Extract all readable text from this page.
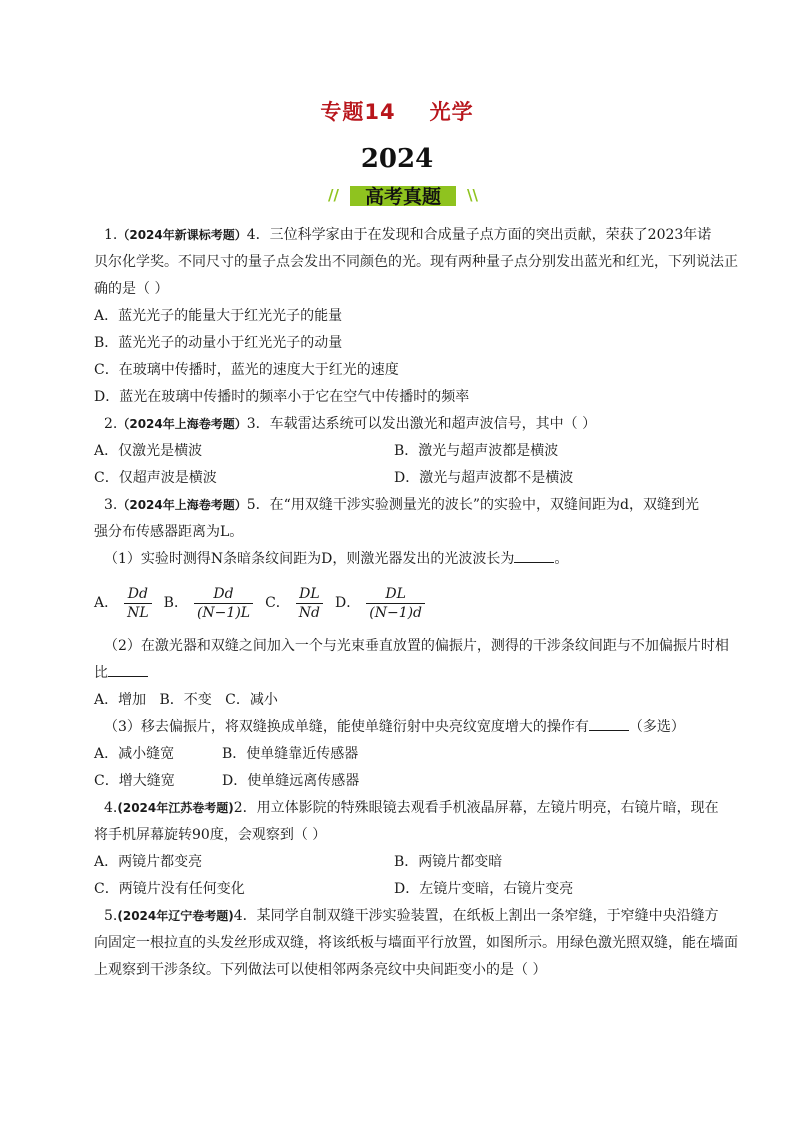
专题14 光学
2024
//	高考真题	\\
1.（2024年新课标考题）4．三位科学家由于在发现和合成量子点方面的突出贡献，荣获了2023年诺
贝尔化学奖。不同尺寸的量子点会发出不同颜色的光。现有两种量子点分别发出蓝光和红光，下列说法正
确的是（ ）
A．蓝光光子的能量大于红光光子的能量
B．蓝光光子的动量小于红光光子的动量
C．在玻璃中传播时，蓝光的速度大于红光的速度
D．蓝光在玻璃中传播时的频率小于它在空气中传播时的频率
2.（2024年上海卷考题）3．车载雷达系统可以发出激光和超声波信号，其中（ ）
A．仅激光是横波	B．激光与超声波都是横波
C．仅超声波是横波	D．激光与超声波都不是横波
3.（2024年上海卷考题）5．在“用双缝干涉实验测量光的波长”的实验中，双缝间距为d，双缝到光
强分布传感器距离为L。
（1）实验时测得N条暗条纹间距为D，则激光器发出的光波波长为	。
A． $\frac{Dd}{NL}$ B． $\frac{Dd}{(N-1)L}$ C． $\frac{DL}{Nd}$ D． $\frac{DL}{(N-1)d}$
（2）在激光器和双缝之间加入一个与光束垂直放置的偏振片，测得的干涉条纹间距与不加偏振片时相
比
A．增加 B．不变 C．减小
（3）移去偏振片，将双缝换成单缝，能使单缝衍射中央亮纹宽度增大的操作有	（多选）
A．减小缝宽	B．使单缝靠近传感器
C．增大缝宽	D．使单缝远离传感器
4.(2024年江苏卷考题)2．用立体影院的特殊眼镜去观看手机液晶屏幕，左镜片明亮，右镜片暗，现在
将手机屏幕旋转90度，会观察到（ ）
A．两镜片都变亮	B．两镜片都变暗
C．两镜片没有任何变化	D．左镜片变暗，右镜片变亮
5.(2024年辽宁卷考题)4．某同学自制双缝干涉实验装置，在纸板上割出一条窄缝，于窄缝中央沿缝方
向固定一根拉直的头发丝形成双缝，将该纸板与墙面平行放置，如图所示。用绿色激光照双缝，能在墙面
上观察到干涉条纹。下列做法可以使相邻两条亮纹中央间距变小的是（ ）
